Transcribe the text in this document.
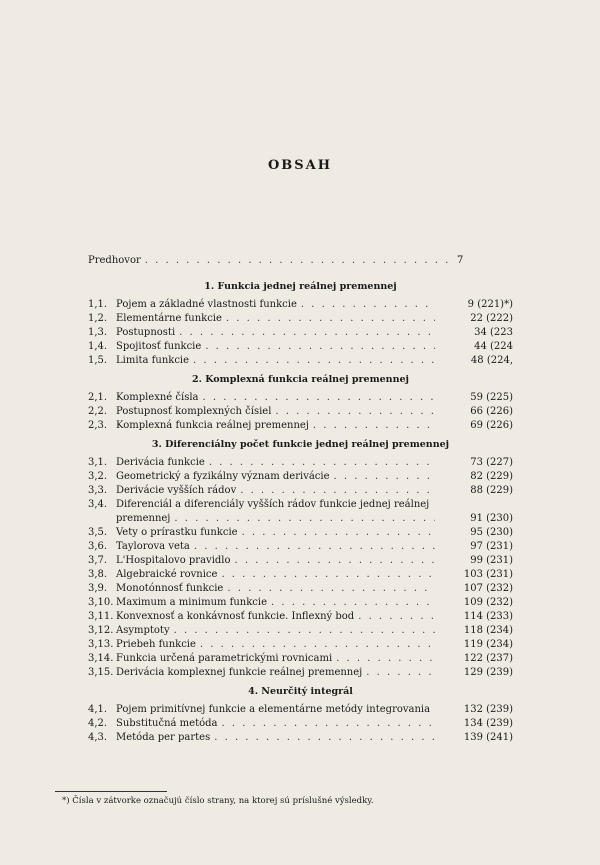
OBSAH
Predhovor . . .	7
1. Funkcia jednej reálnej premennej
1,1. Pojem a základné vlastnosti funkcie . . .	9 (221)*)
1,2. Elementárne funkcie . . .	22 (222)
1,3. Postupnosti . . .	34 (223
1,4. Spojitosť funkcie . . .	44 (224
1,5. Limita funkcie . . .	48 (224,
2. Komplexná funkcia reálnej premennej
2,1. Komplexné čísla . . .	59 (225)
2,2. Postupnosť komplexných čísiel . . .	66 (226)
2,3. Komplexná funkcia reálnej premennej . . .	69 (226)
3. Diferenciálny počet funkcie jednej reálnej premennej
3,1. Derivácia funkcie . . .	73 (227)
3,2. Geometrický a fyzikálny význam derivácie . . .	82 (229)
3,3. Derivácie vyšších rádov . . .	88 (229)
3,4. Diferenciál a diferenciály vyšších rádov funkcie jednej reálnej
premennej . . .	91 (230)
3,5. Vety o prírastku funkcie . . .	95 (230)
3,6. Taylorova veta . . .	97 (231)
3,7. L'Hospitalovo pravidlo . . .	99 (231)
3,8. Algebraické rovnice . . .	103 (231)
3,9. Monotónnosť funkcie . . .	107 (232)
3,10. Maximum a minimum funkcie . . .	109 (232)
3,11. Konvexnosť a konkávnosť funkcie. Inflexný bod . . .	114 (233)
3,12. Asymptoty . . .	118 (234)
3,13. Priebeh funkcie . . .	119 (234)
3,14. Funkcia určená parametrickými rovnicami . . .	122 (237)
3,15. Derivácia komplexnej funkcie reálnej premennej . . .	129 (239)
4. Neurčitý integrál
4,1. Pojem primitívnej funkcie a elementárne metódy integrovania . . .	132 (239)
4,2. Substitučná metóda . . .	134 (239)
4,3. Metóda per partes . . .	139 (241)
*) Čísla v zátvorke označujú číslo strany, na ktorej sú príslušné výsledky.
